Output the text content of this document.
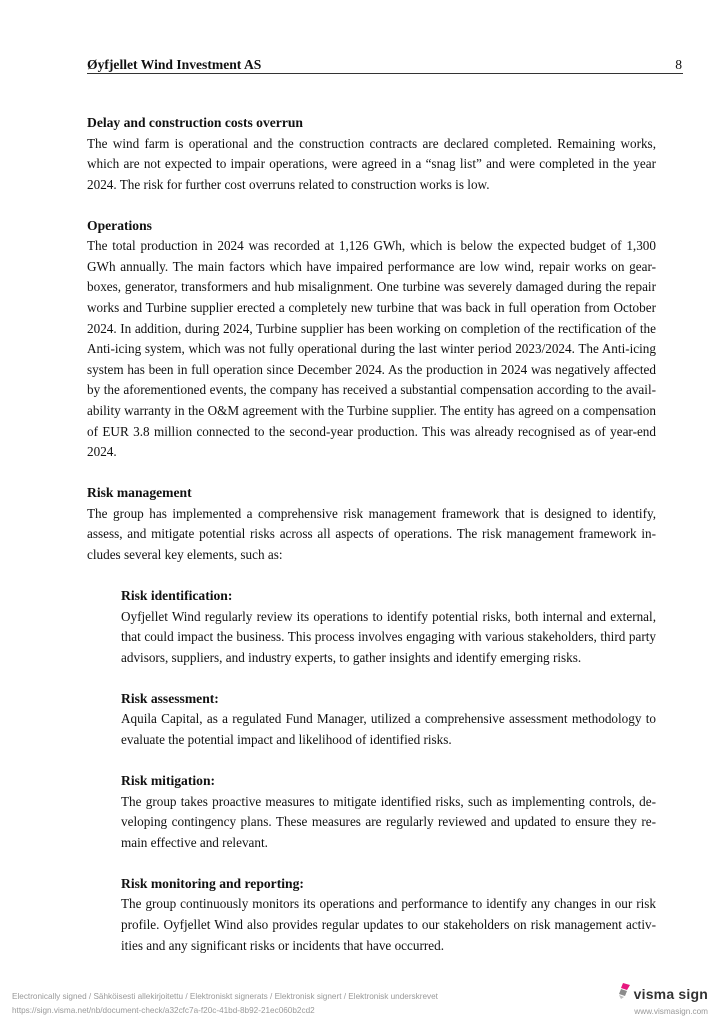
Øyfjellet Wind Investment AS	8
Delay and construction costs overrun
The wind farm is operational and the construction contracts are declared completed. Remaining works, which are not expected to impair operations, were agreed in a “snag list” and were completed in the year 2024. The risk for further cost overruns related to construction works is low.
Operations
The total production in 2024 was recorded at 1,126 GWh, which is below the expected budget of 1,300 GWh annually. The main factors which have impaired performance are low wind, repair works on gear-boxes, generator, transformers and hub misalignment. One turbine was severely damaged during the repair works and Turbine supplier erected a completely new turbine that was back in full operation from October 2024. In addition, during 2024, Turbine supplier has been working on completion of the rectification of the Anti-icing system, which was not fully operational during the last winter period 2023/2024. The Anti-icing system has been in full operation since December 2024. As the production in 2024 was negatively affected by the aforementioned events, the company has received a substantial compensation according to the avail-ability warranty in the O&M agreement with the Turbine supplier. The entity has agreed on a compensation of EUR 3.8 million connected to the second-year production. This was already recognised as of year-end 2024.
Risk management
The group has implemented a comprehensive risk management framework that is designed to identify, assess, and mitigate potential risks across all aspects of operations. The risk management framework in-cludes several key elements, such as:
Risk identification:
Oyfjellet Wind regularly review its operations to identify potential risks, both internal and external, that could impact the business. This process involves engaging with various stakeholders, third party advisors, suppliers, and industry experts, to gather insights and identify emerging risks.
Risk assessment:
Aquila Capital, as a regulated Fund Manager, utilized a comprehensive assessment methodology to evaluate the potential impact and likelihood of identified risks.
Risk mitigation:
The group takes proactive measures to mitigate identified risks, such as implementing controls, de-veloping contingency plans. These measures are regularly reviewed and updated to ensure they re-main effective and relevant.
Risk monitoring and reporting:
The group continuously monitors its operations and performance to identify any changes in our risk profile. Oyfjellet Wind also provides regular updates to our stakeholders on risk management activ-ities and any significant risks or incidents that have occurred.
Electronically signed / Sähköisesti allekirjoitettu / Elektroniskt signerats / Elektronisk signert / Elektronisk underskrevet
https://sign.visma.net/nb/document-check/a32cfc7a-f20c-41bd-8b92-21ec060b2cd2
visma sign
www.vismasign.com
